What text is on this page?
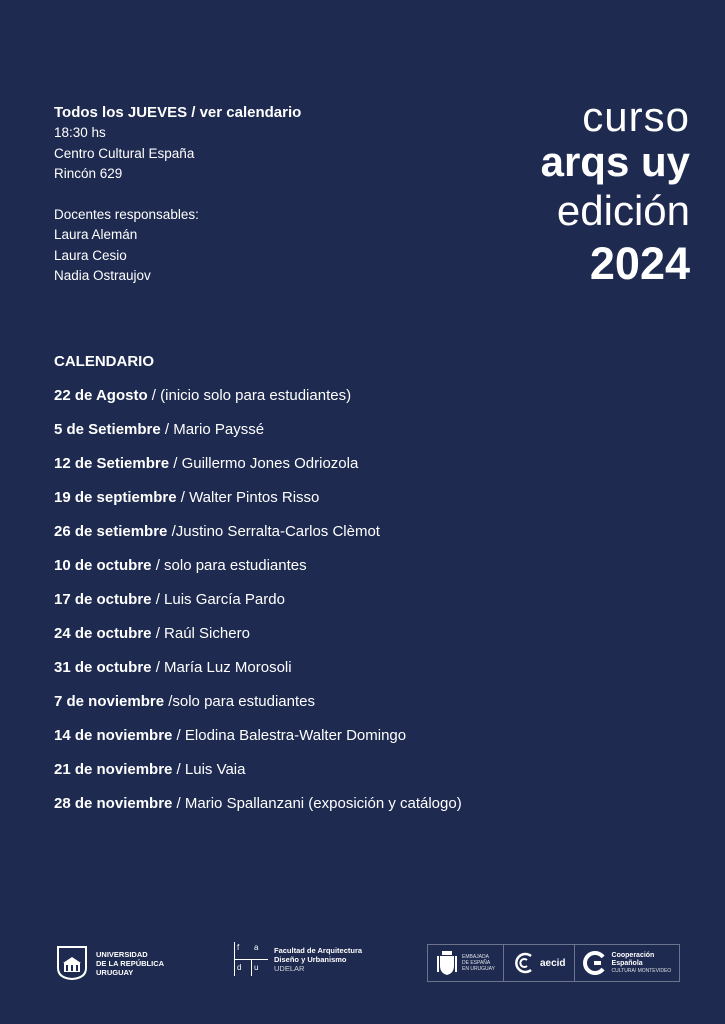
Todos los JUEVES / ver calendario
18:30 hs
Centro Cultural España
Rincón 629
Docentes responsables:
Laura Alemán
Laura Cesio
Nadia Ostraujov
curso
arqs uy
edición
2024
CALENDARIO
22 de Agosto / (inicio solo para estudiantes)
5 de Setiembre / Mario Payssé
12 de Setiembre / Guillermo Jones Odriozola
19 de septiembre / Walter Pintos Risso
26 de setiembre /Justino Serralta-Carlos Clèmot
10 de octubre / solo para estudiantes
17 de octubre / Luis García Pardo
24 de octubre / Raúl Sichero
31 de octubre / María Luz Morosoli
7 de noviembre /solo para estudiantes
14 de noviembre / Elodina Balestra-Walter Domingo
21 de noviembre / Luis Vaia
28 de noviembre / Mario Spallanzani (exposición y catálogo)
UNIVERSIDAD
DE LA REPÚBLICA
URUGUAY
f a
d u
Facultad de Arquitectura
Diseño y Urbanismo
UDELAR
EMBAJADA
DE ESPAÑA
EN URUGUAY
aecid
Cooperación
Española
CULTURA/ MONTEVIDEO
